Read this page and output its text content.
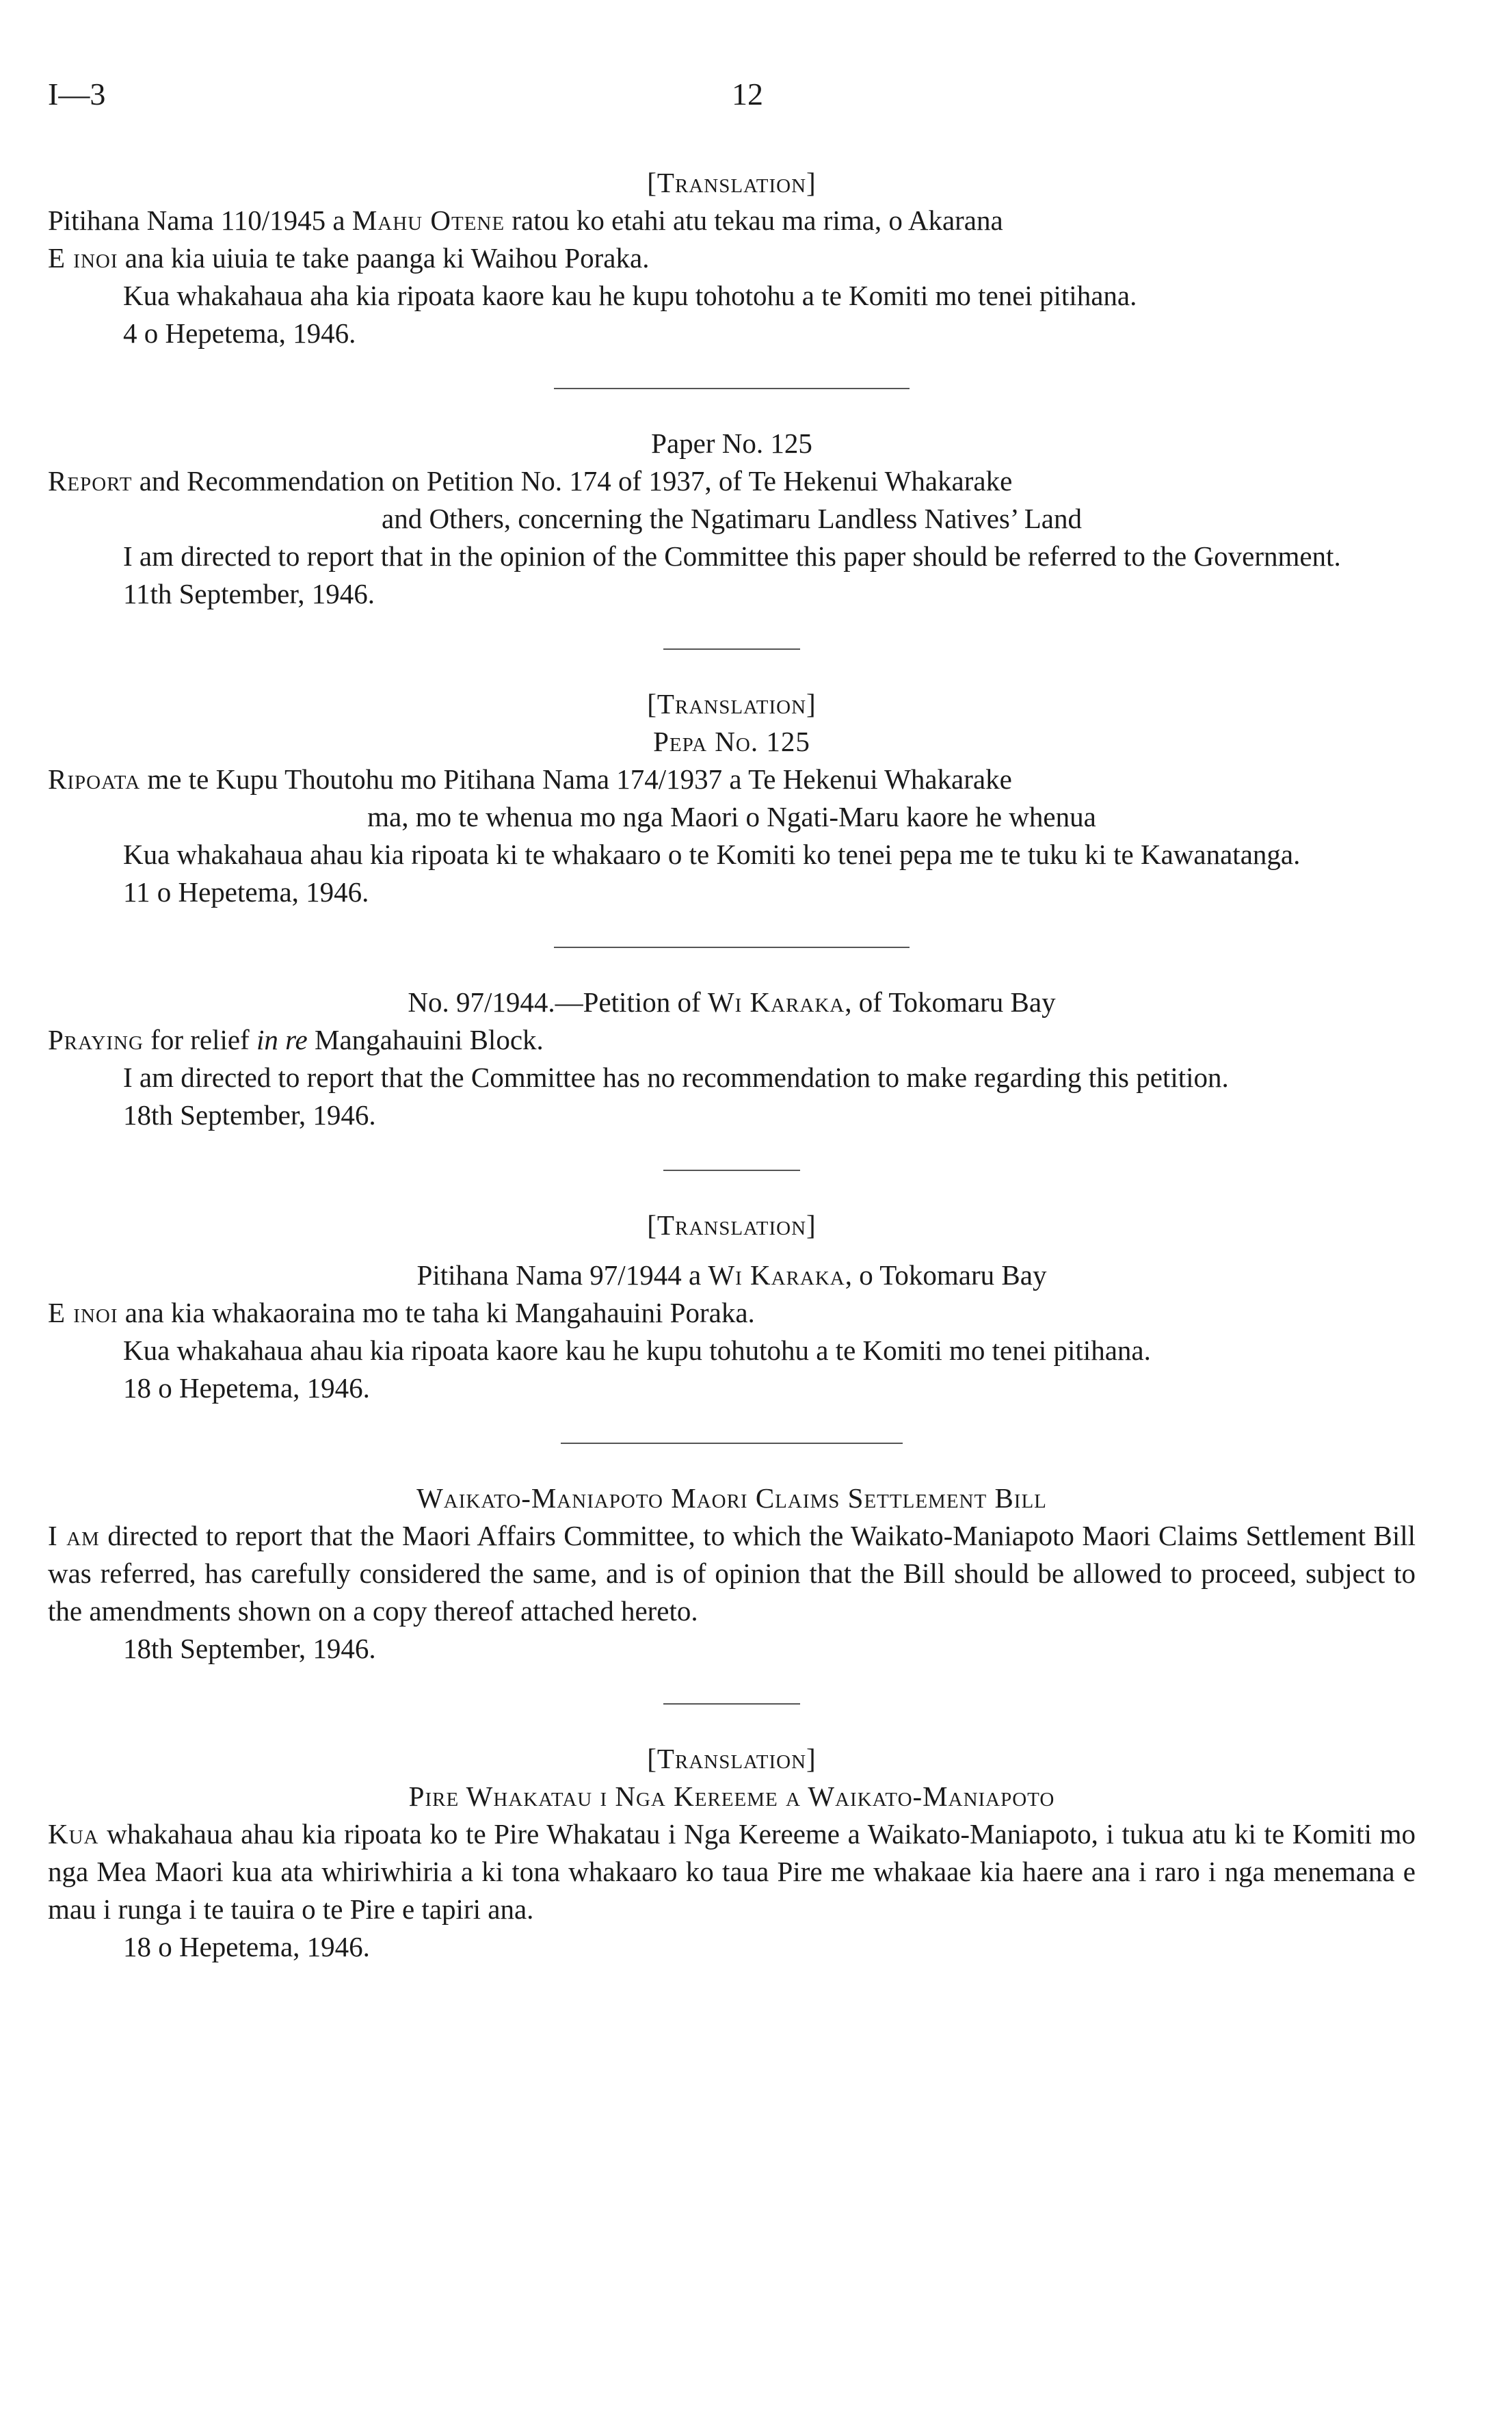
I—3	12
[Translation]

Pitihana Nama 110/1945 a Mahu Otene ratou ko etahi atu tekau ma rima, o Akarana

E inoi ana kia uiuia te take paanga ki Waihou Poraka.

Kua whakahaua aha kia ripoata kaore kau he kupu tohotohu a te Komiti mo tenei pitihana.

4 o Hepetema, 1946.
Paper No. 125

Report and Recommendation on Petition No. 174 of 1937, of Te Hekenui Whakarake

and Others, concerning the Ngatimaru Landless Natives’ Land

I am directed to report that in the opinion of the Committee this paper should be referred to the Government.

11th September, 1946.
[Translation]
Pepa No. 125

Ripoata me te Kupu Thoutohu mo Pitihana Nama 174/1937 a Te Hekenui Whakarake

ma, mo te whenua mo nga Maori o Ngati-Maru kaore he whenua

Kua whakahaua ahau kia ripoata ki te whakaaro o te Komiti ko tenei pepa me te tuku ki te Kawanatanga.

11 o Hepetema, 1946.
No. 97/1944.—Petition of Wi Karaka, of Tokomaru Bay

Praying for relief in re Mangahauini Block.

I am directed to report that the Committee has no recommendation to make regarding this petition.

18th September, 1946.
[Translation]
Pitihana Nama 97/1944 a Wi Karaka, o Tokomaru Bay

E inoi ana kia whakaoraina mo te taha ki Mangahauini Poraka.

Kua whakahaua ahau kia ripoata kaore kau he kupu tohutohu a te Komiti mo tenei pitihana.

18 o Hepetema, 1946.
Waikato-Maniapoto Maori Claims Settlement Bill

I am directed to report that the Maori Affairs Committee, to which the Waikato-Maniapoto Maori Claims Settlement Bill was referred, has carefully considered the same, and is of opinion that the Bill should be allowed to proceed, subject to the amendments shown on a copy thereof attached hereto.

18th September, 1946.
[Translation]
Pire Whakatau i Nga Kereeme a Waikato-Maniapoto

Kua whakahaua ahau kia ripoata ko te Pire Whakatau i Nga Kereeme a Waikato-Maniapoto, i tukua atu ki te Komiti mo nga Mea Maori kua ata whiriwhiria a ki tona whakaaro ko taua Pire me whakaae kia haere ana i raro i nga menemana e mau i runga i te tauira o te Pire e tapiri ana.

18 o Hepetema, 1946.
